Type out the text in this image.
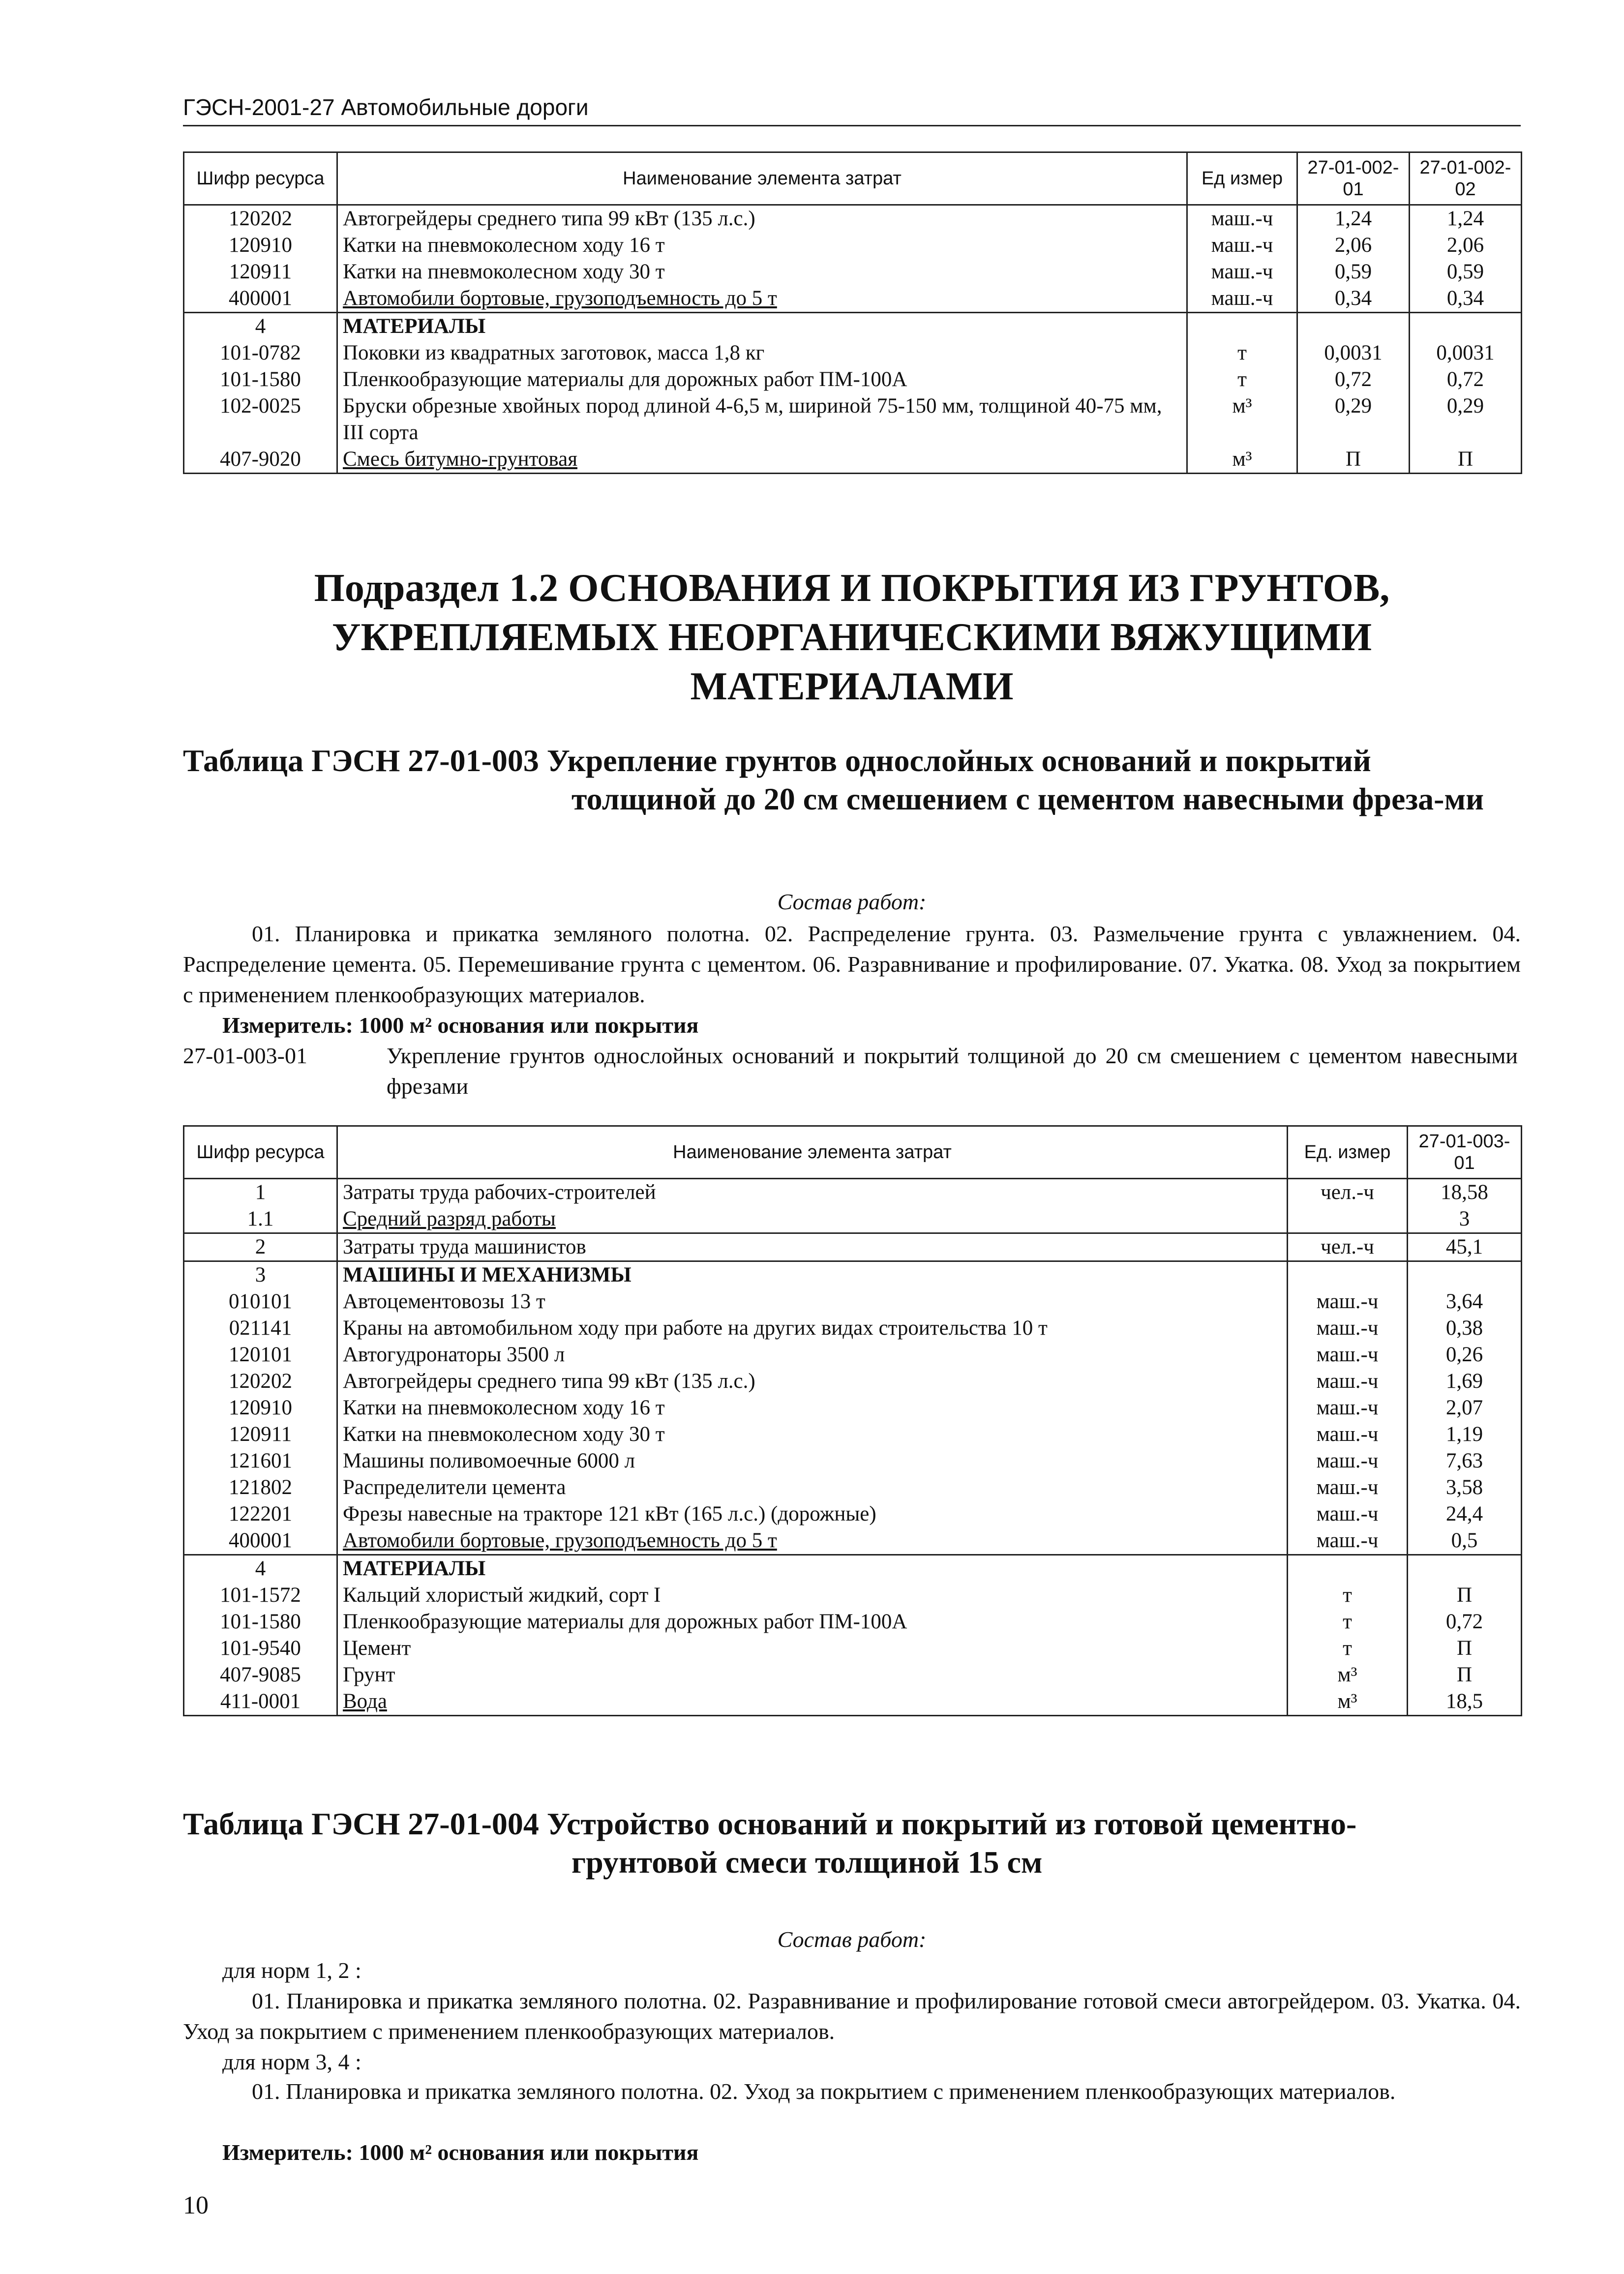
ГЭСН-2001-27 Автомобильные дороги
Шифр ресурса	Наименование элемента затрат	Ед измер	27-01-002-01	27-01-002-02
120202	Автогрейдеры среднего типа 99 кВт (135 л.с.)	маш.-ч	1,24	1,24
120910	Катки на пневмоколесном ходу 16 т	маш.-ч	2,06	2,06
120911	Катки на пневмоколесном ходу 30 т	маш.-ч	0,59	0,59
400001	Автомобили бортовые, грузоподъемность до 5 т	маш.-ч	0,34	0,34
4	МАТЕРИАЛЫ			
101-0782	Поковки из квадратных заготовок, масса 1,8 кг	т	0,0031	0,0031
101-1580	Пленкообразующие материалы для дорожных работ ПМ-100А	т	0,72	0,72
102-0025	Бруски обрезные хвойных пород длиной 4-6,5 м, шириной 75-150 мм, толщиной 40-75 мм, III сорта	м³	0,29	0,29
407-9020	Смесь битумно-грунтовая	м³	П	П
Подраздел 1.2 ОСНОВАНИЯ И ПОКРЫТИЯ ИЗ ГРУНТОВ, УКРЕПЛЯЕМЫХ НЕОРГАНИЧЕСКИМИ ВЯЖУЩИМИ МАТЕРИАЛАМИ
Таблица ГЭСН 27-01-003 Укрепление грунтов однослойных оснований и покрытий
толщиной до 20 см смешением с цементом навесными фреза-ми
Состав работ:
01. Планировка и прикатка земляного полотна. 02. Распределение грунта. 03. Размельчение грунта с увлажнением. 04. Распределение цемента. 05. Перемешивание грунта с цементом. 06. Разравнивание и профилирование. 07. Укатка. 08. Уход за покрытием с применением пленкообразующих материалов.
Измеритель: 1000 м² основания или покрытия
27-01-003-01	Укрепление грунтов однослойных оснований и покрытий толщиной до 20 см смешением с цементом навесными фрезами
Шифр ресурса	Наименование элемента затрат	Ед. измер	27-01-003-01
1	Затраты труда рабочих-строителей	чел.-ч	18,58
1.1	Средний разряд работы		3
2	Затраты труда машинистов	чел.-ч	45,1
3	МАШИНЫ И МЕХАНИЗМЫ		
010101	Автоцементовозы 13 т	маш.-ч	3,64
021141	Краны на автомобильном ходу при работе на других видах строительства 10 т	маш.-ч	0,38
120101	Автогудронаторы 3500 л	маш.-ч	0,26
120202	Автогрейдеры среднего типа 99 кВт (135 л.с.)	маш.-ч	1,69
120910	Катки на пневмоколесном ходу 16 т	маш.-ч	2,07
120911	Катки на пневмоколесном ходу 30 т	маш.-ч	1,19
121601	Машины поливомоечные 6000 л	маш.-ч	7,63
121802	Распределители цемента	маш.-ч	3,58
122201	Фрезы навесные на тракторе 121 кВт (165 л.с.) (дорожные)	маш.-ч	24,4
400001	Автомобили бортовые, грузоподъемность до 5 т	маш.-ч	0,5
4	МАТЕРИАЛЫ		
101-1572	Кальций хлористый жидкий, сорт I	т	П
101-1580	Пленкообразующие материалы для дорожных работ ПМ-100А	т	0,72
101-9540	Цемент	т	П
407-9085	Грунт	м³	П
411-0001	Вода	м³	18,5
Таблица ГЭСН 27-01-004 Устройство оснований и покрытий из готовой цементно-
грунтовой смеси толщиной 15 см
Состав работ:
для норм 1, 2 :
01. Планировка и прикатка земляного полотна. 02. Разравнивание и профилирование готовой смеси автогрейдером. 03. Укатка. 04. Уход за покрытием с применением пленкообразующих материалов.
для норм 3, 4 :
01. Планировка и прикатка земляного полотна. 02. Уход за покрытием с применением пленкообразующих материалов.
Измеритель: 1000 м² основания или покрытия
10
